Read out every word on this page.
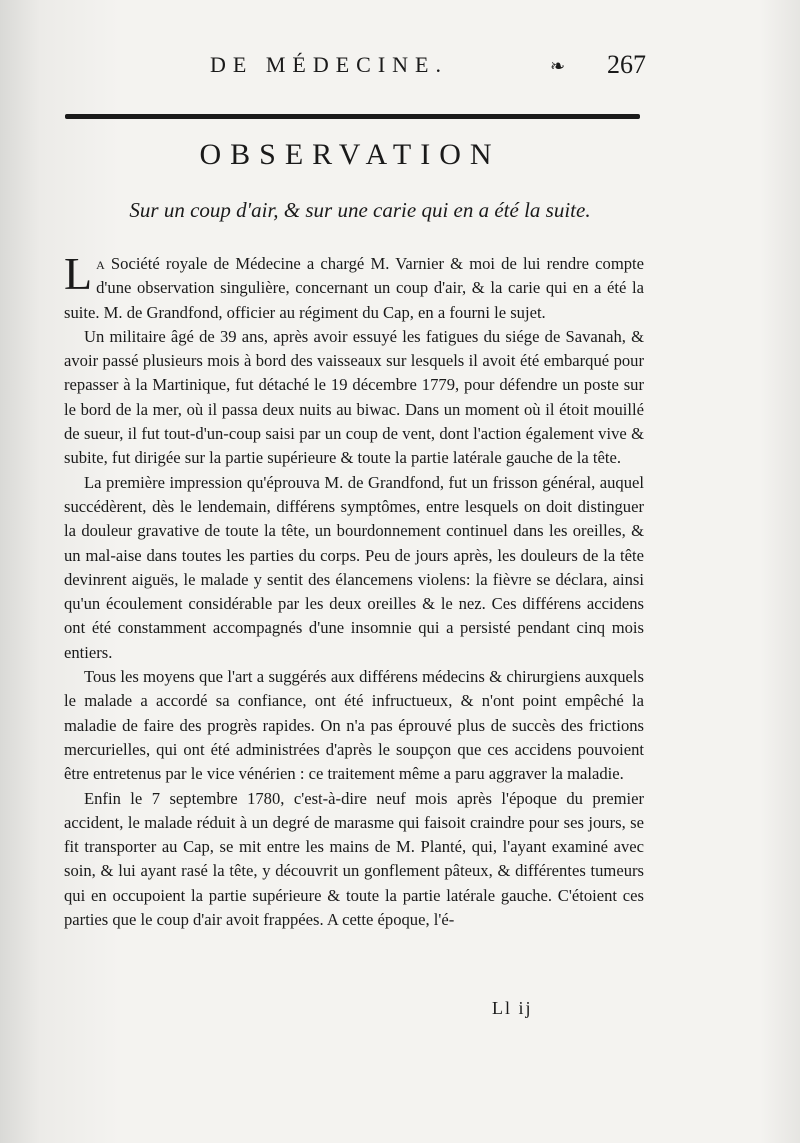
DE MÉDECINE.	❧ 267
OBSERVATION
Sur un coup d'air, & sur une carie qui en a été la suite.

La Société royale de Médecine a chargé M. Varnier & moi de lui rendre compte d'une observation singulière, concernant un coup d'air, & la carie qui en a été la suite. M. de Grandfond, officier au régiment du Cap, en a fourni le sujet.

Un militaire âgé de 39 ans, après avoir essuyé les fatigues du siége de Savanah, & avoir passé plusieurs mois à bord des vaisseaux sur lesquels il avoit été embarqué pour repasser à la Martinique, fut détaché le 19 décembre 1779, pour défendre un poste sur le bord de la mer, où il passa deux nuits au biwac. Dans un moment où il étoit mouillé de sueur, il fut tout-d'un-coup saisi par un coup de vent, dont l'action également vive & subite, fut dirigée sur la partie supérieure & toute la partie latérale gauche de la tête.

La première impression qu'éprouva M. de Grandfond, fut un frisson général, auquel succédèrent, dès le lendemain, différens symptômes, entre lesquels on doit distinguer la douleur gravative de toute la tête, un bourdonnement continuel dans les oreilles, & un mal-aise dans toutes les parties du corps. Peu de jours après, les douleurs de la tête devinrent aiguës, le malade y sentit des élancemens violens: la fièvre se déclara, ainsi qu'un écoulement considérable par les deux oreilles & le nez. Ces différens accidens ont été constamment accompagnés d'une insomnie qui a persisté pendant cinq mois entiers.

Tous les moyens que l'art a suggérés aux différens médecins & chirurgiens auxquels le malade a accordé sa confiance, ont été infructueux, & n'ont point empêché la maladie de faire des progrès rapides. On n'a pas éprouvé plus de succès des frictions mercurielles, qui ont été administrées d'après le soupçon que ces accidens pouvoient être entretenus par le vice vénérien : ce traitement même a paru aggraver la maladie.

Enfin le 7 septembre 1780, c'est-à-dire neuf mois après l'époque du premier accident, le malade réduit à un degré de marasme qui faisoit craindre pour ses jours, se fit transporter au Cap, se mit entre les mains de M. Planté, qui, l'ayant examiné avec soin, & lui ayant rasé la tête, y découvrit un gonflement pâteux, & différentes tumeurs qui en occupoient la partie supérieure & toute la partie latérale gauche. C'étoient ces parties que le coup d'air avoit frappées. A cette époque, l'é-

Ll ij
